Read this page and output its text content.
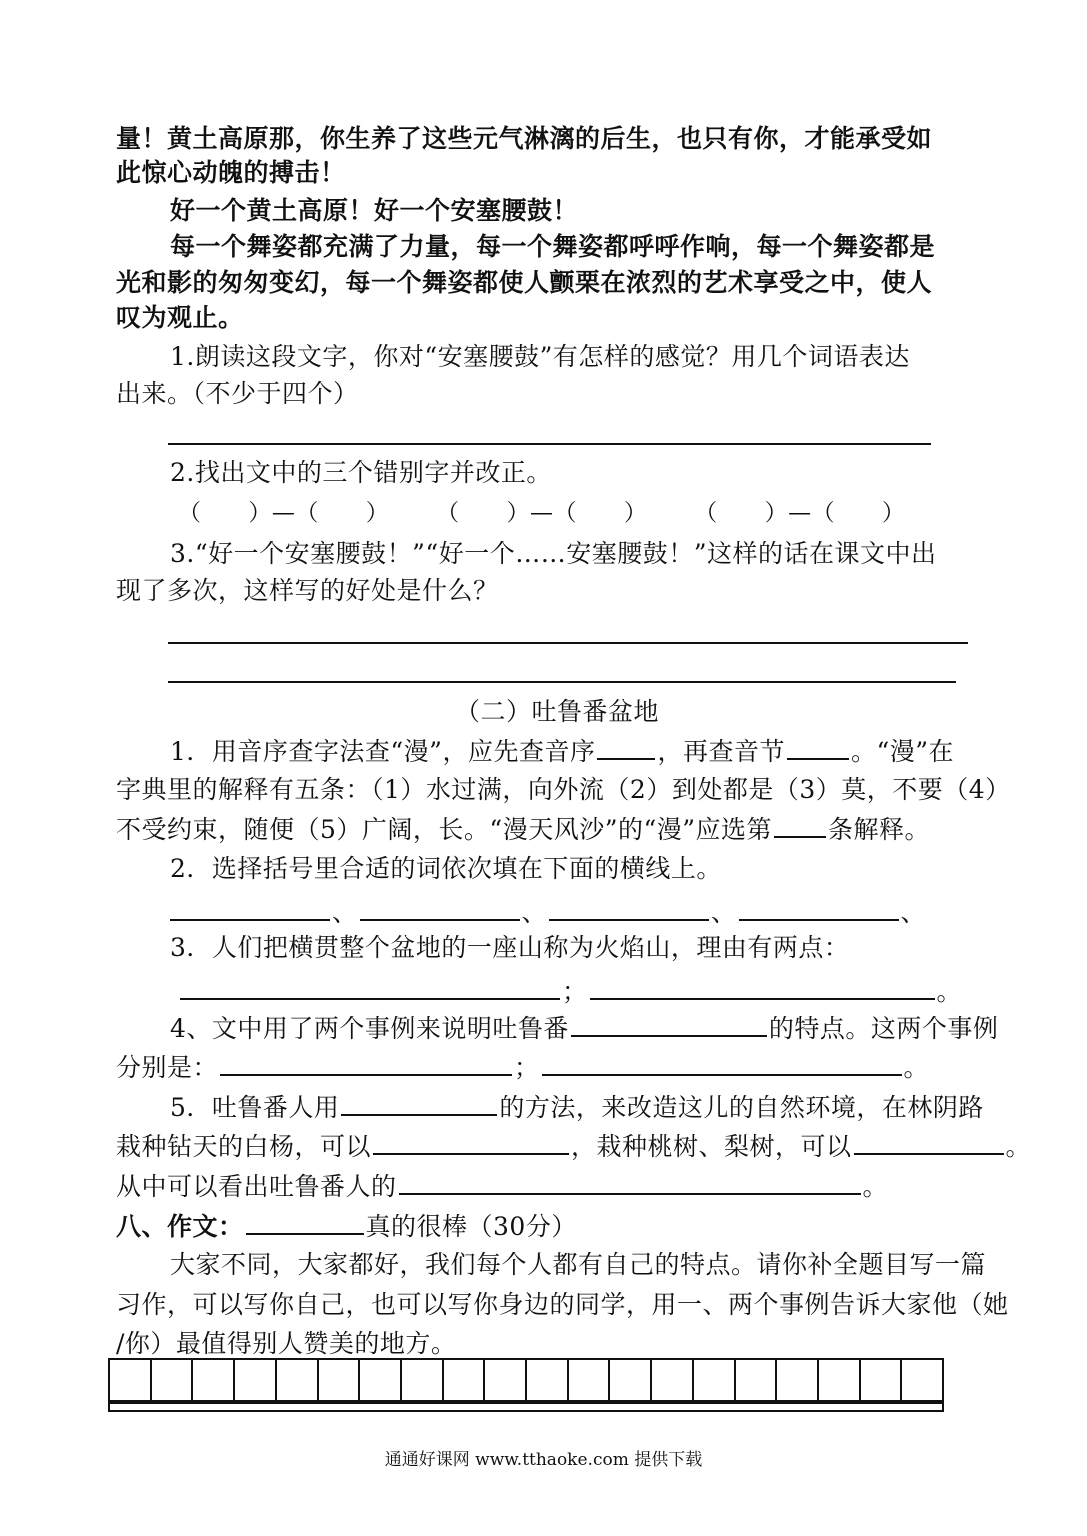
量！黄土高原那，你生养了这些元气淋漓的后生，也只有你，才能承受如
此惊心动魄的搏击！
好一个黄土高原！好一个安塞腰鼓！
每一个舞姿都充满了力量，每一个舞姿都呼呼作响，每一个舞姿都是
光和影的匆匆变幻，每一个舞姿都使人颤栗在浓烈的艺术享受之中，使人
叹为观止。
1.朗读这段文字，你对“安塞腰鼓”有怎样的感觉？用几个词语表达
出来。（不少于四个）
2.找出文中的三个错别字并改正。
（      ）—（      ）      （      ）—（      ）      （      ）—（      ）
3.“好一个安塞腰鼓！”“好一个……安塞腰鼓！”这样的话在课文中出
现了多次，这样写的好处是什么？
（二）吐鲁番盆地
1．用音序查字法查“漫”，应先查音序 ，再查音节	。“漫”在
字典里的解释有五条：（1）水过满，向外流（2）到处都是（3）莫，不要（4）
不受约束，随便（5）广阔，长。“漫天风沙”的“漫”应选第 条解释。
2．选择括号里合适的词依次填在下面的横线上。
、	、	、	、
3．人们把横贯整个盆地的一座山称为火焰山，理由有两点：
；	。
4、文中用了两个事例来说明吐鲁番	的特点。这两个事例
分别是：	；	。
5．吐鲁番人用	的方法，来改造这儿的自然环境，在林阴路
栽种钻天的白杨，可以	，栽种桃树、梨树，可以	。
从中可以看出吐鲁番人的	。
八、作文：	真的很棒（30分）
大家不同，大家都好，我们每个人都有自己的特点。请你补全题目写一篇
习作，可以写你自己，也可以写你身边的同学，用一、两个事例告诉大家他（她
/你）最值得别人赞美的地方。
通通好课网 www.tthaoke.com 提供下载
